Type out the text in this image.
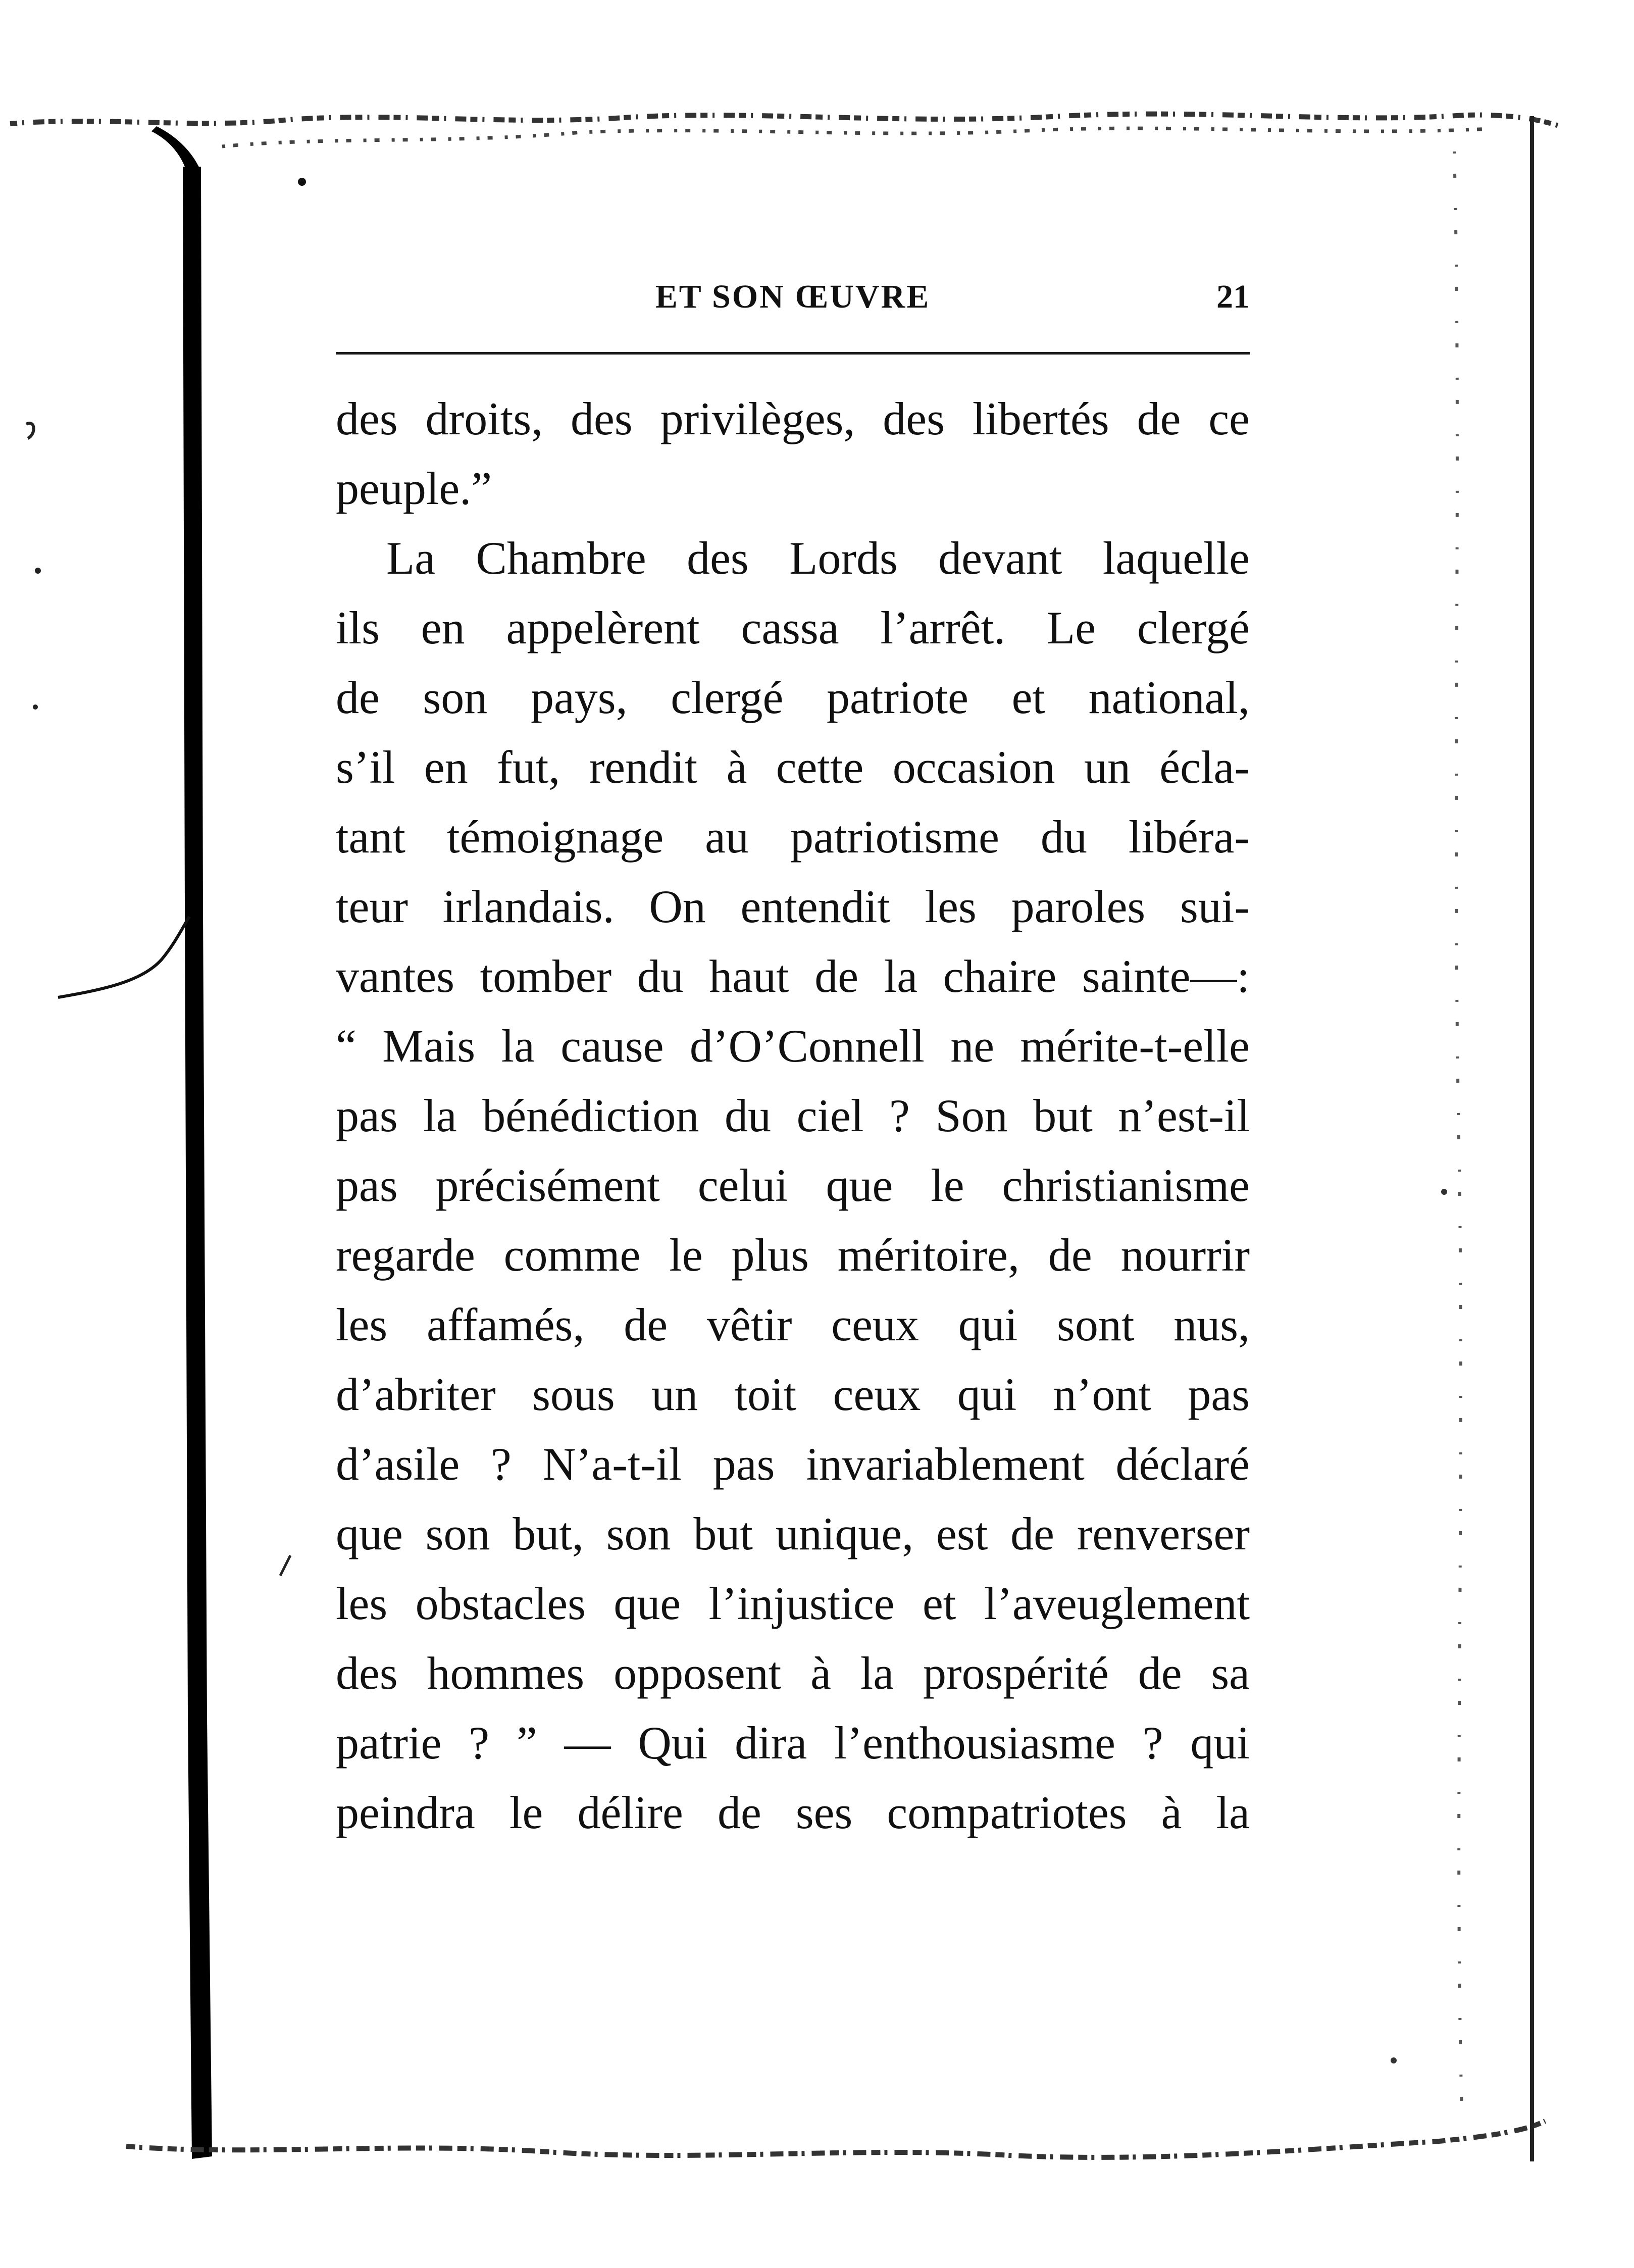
ET SON ŒUVRE	21
des droits, des privilèges, des libertés de ce
peuple.”
La Chambre des Lords devant laquelle
ils en appelèrent cassa l’arrêt. Le clergé
de son pays, clergé patriote et national,
s’il en fut, rendit à cette occasion un écla-
tant témoignage au patriotisme du libéra-
teur irlandais. On entendit les paroles sui-
vantes tomber du haut de la chaire sainte—:
“ Mais la cause d’O’Connell ne mérite-t-elle
pas la bénédiction du ciel ? Son but n’est-il
pas précisément celui que le christianisme
regarde comme le plus méritoire, de nourrir
les affamés, de vêtir ceux qui sont nus,
d’abriter sous un toit ceux qui n’ont pas
d’asile ? N’a-t-il pas invariablement déclaré
que son but, son but unique, est de renverser
les obstacles que l’injustice et l’aveuglement
des hommes opposent à la prospérité de sa
patrie ? ” — Qui dira l’enthousiasme ? qui
peindra le délire de ses compatriotes à la
